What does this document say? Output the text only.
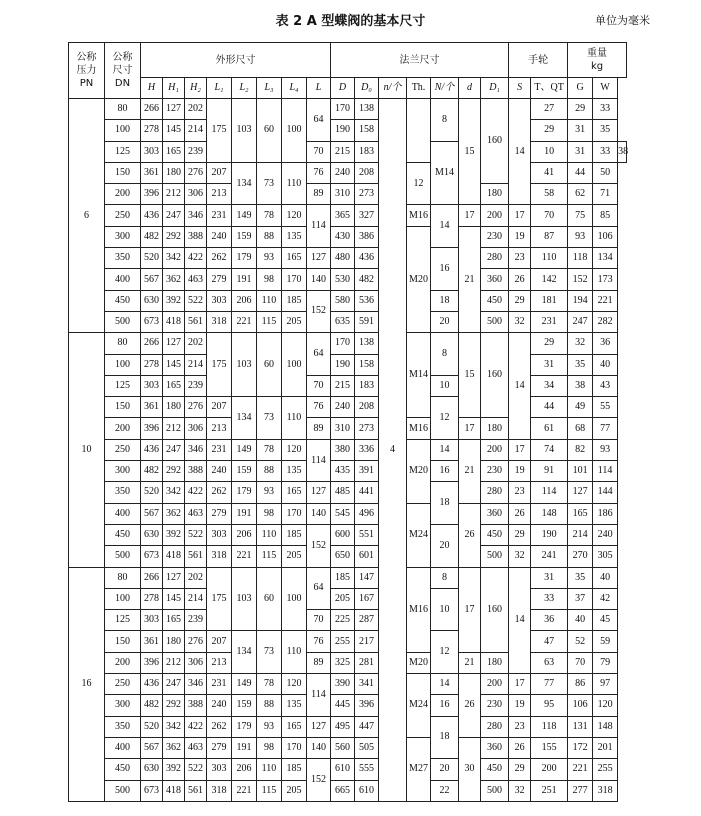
表 2 A 型蝶阀的基本尺寸	单位为毫米
公称
压力
PN	公称
尺寸
DN	外形尺寸								法兰尺寸							手轮		重量
kg		
		H	H₁	H₂	L₁	L₂	L₃	L₄	L	D	D₀	n/个	Th.	N/个	d	D₁	S	T、QT	G	W	
6	80	266	127	202	175	103	60	100	64	170	138	4		8	15	160	14	27	29	33	
	100	278	145	214						190	158							29	31	35	
	125	303	165	239					70	215	183			M14				10	31	33	38
	150	361	180	276	207	134	73	110	76	240	208		12					41	44	50	
	200	396	212	306	213				89	310	273					180		58	62	71	
	250	436	247	346	231	149	78	120	114	365	327		M16	14	17	200	17	70	75	85	
	300	482	292	388	240	159	88	135		430	386		M20		21	230	19	87	93	106	
	350	520	342	422	262	179	93	165	127	480	436			16		280	23	110	118	134	
	400	567	362	463	279	191	98	170	140	530	482					360	26	142	152	173	
	450	630	392	522	303	206	110	185	152	580	536			18		450	29	181	194	221	
	500	673	418	561	318	221	115	205		635	591			20		500	32	231	247	282	
10	80	266	127	202	175	103	60	100	64	170	138		M14	8	15	160	14	29	32	36	
	100	278	145	214						190	158							31	35	40	
	125	303	165	239					70	215	183			10				34	38	43	
	150	361	180	276	207	134	73	110	76	240	208			12				44	49	55	
	200	396	212	306	213				89	310	273		M16		17	180		61	68	77	
	250	436	247	346	231	149	78	120	114	380	336		M20	14	21	200	17	74	82	93	
	300	482	292	388	240	159	88	135		435	391			16		230	19	91	101	114	
	350	520	342	422	262	179	93	165	127	485	441			18		280	23	114	127	144	
	400	567	362	463	279	191	98	170	140	545	496		M24		26	360	26	148	165	186	
	450	630	392	522	303	206	110	185	152	600	551			20		450	29	190	214	240	
	500	673	418	561	318	221	115	205		650	601					500	32	241	270	305	
16	80	266	127	202	175	103	60	100	64	185	147		M16	8	17	160	14	31	35	40	
	100	278	145	214						205	167			10				33	37	42	
	125	303	165	239					70	225	287							36	40	45	
	150	361	180	276	207	134	73	110	76	255	217			12				47	52	59	
	200	396	212	306	213				89	325	281		M20		21	180		63	70	79	
	250	436	247	346	231	149	78	120	114	390	341		M24	14	26	200	17	77	86	97	
	300	482	292	388	240	159	88	135		445	396			16		230	19	95	106	120	
	350	520	342	422	262	179	93	165	127	495	447			18		280	23	118	131	148	
	400	567	362	463	279	191	98	170	140	560	505		M27		30	360	26	155	172	201	
	450	630	392	522	303	206	110	185	152	610	555			20		450	29	200	221	255	
	500	673	418	561	318	221	115	205		665	610			22		500	32	251	277	318	
